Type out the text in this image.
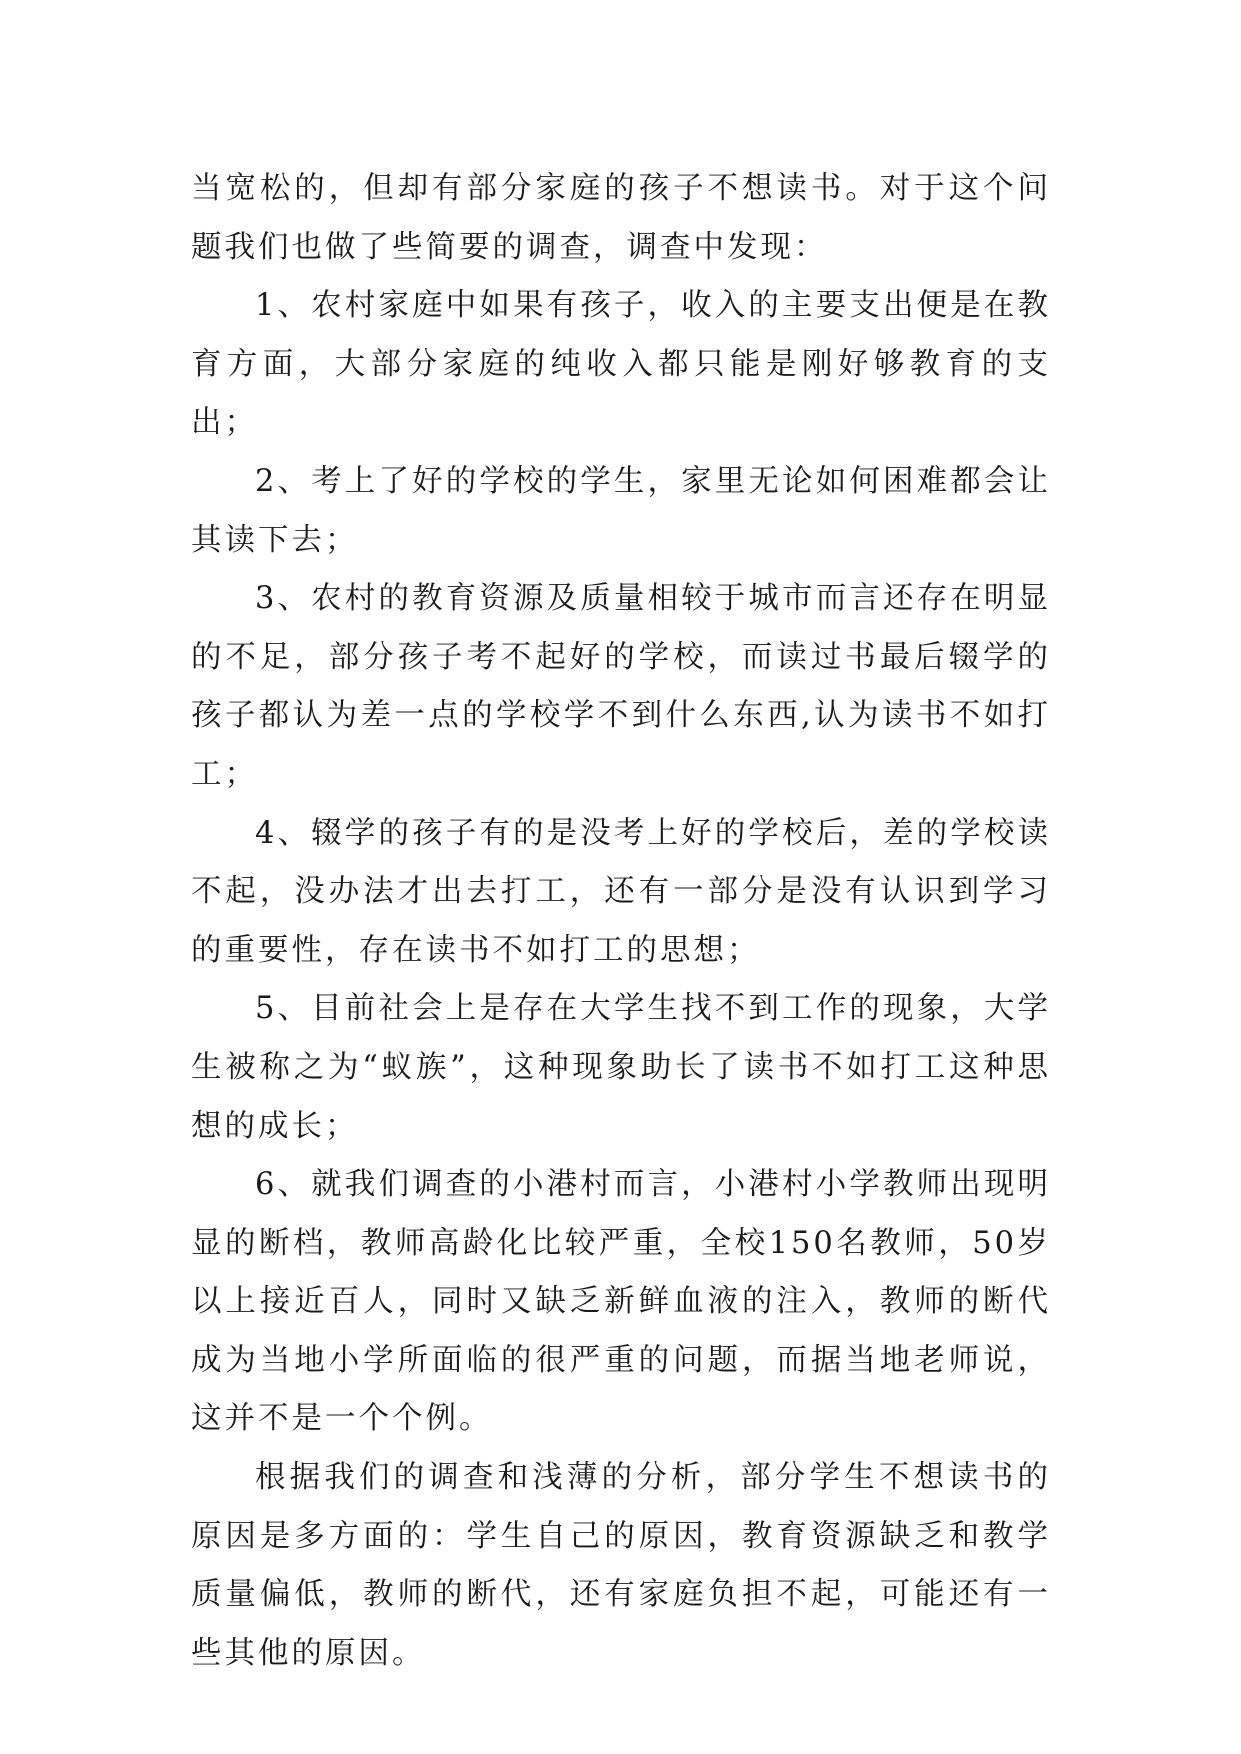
当宽松的，但却有部分家庭的孩子不想读书。对于这个问题我们也做了些简要的调查，调查中发现：

1、农村家庭中如果有孩子，收入的主要支出便是在教育方面，大部分家庭的纯收入都只能是刚好够教育的支出；

2、考上了好的学校的学生，家里无论如何困难都会让其读下去；

3、农村的教育资源及质量相较于城市而言还存在明显的不足，部分孩子考不起好的学校，而读过书最后辍学的孩子都认为差一点的学校学不到什么东西,认为读书不如打工；

4、辍学的孩子有的是没考上好的学校后，差的学校读不起，没办法才出去打工，还有一部分是没有认识到学习的重要性，存在读书不如打工的思想；

5、目前社会上是存在大学生找不到工作的现象，大学生被称之为“蚁族”，这种现象助长了读书不如打工这种思想的成长；

6、就我们调查的小港村而言，小港村小学教师出现明显的断档，教师高龄化比较严重，全校150名教师，50岁以上接近百人，同时又缺乏新鲜血液的注入，教师的断代成为当地小学所面临的很严重的问题，而据当地老师说，这并不是一个个例。

根据我们的调查和浅薄的分析，部分学生不想读书的原因是多方面的：学生自己的原因，教育资源缺乏和教学质量偏低，教师的断代，还有家庭负担不起，可能还有一些其他的原因。
